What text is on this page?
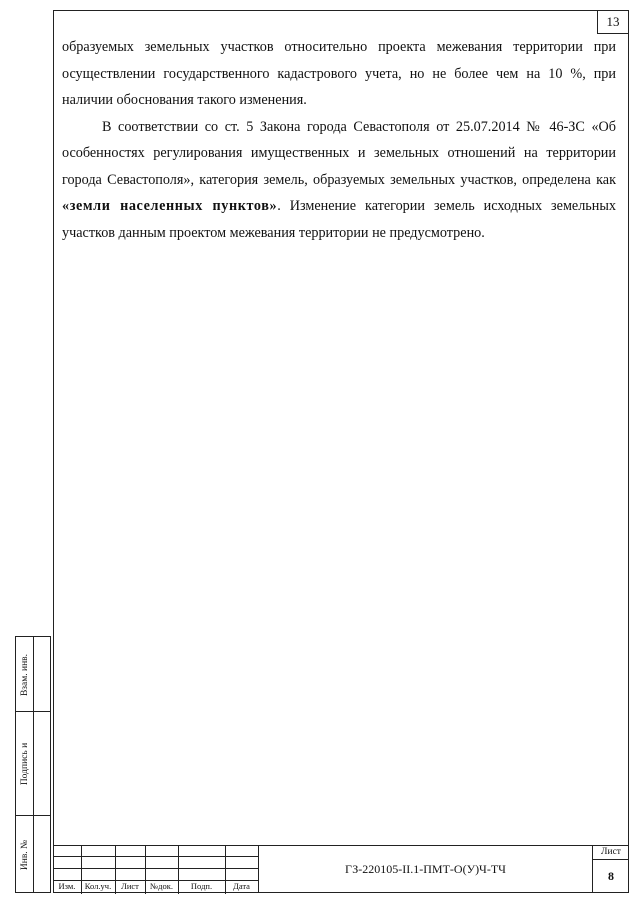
13

образуемых земельных участков относительно проекта межевания территории при осуществлении государственного кадастрового учета, но не более чем на 10 %, при наличии обоснования такого изменения.

В соответствии со ст. 5 Закона города Севастополя от 25.07.2014 № 46-ЗС «Об особенностях регулирования имущественных и земельных отношений на территории города Севастополя», категория земель, образуемых земельных участков, определена как «земли населенных пунктов». Изменение категории земель исходных земельных участков данным проектом межевания территории не предусмотрено.

Взам. инв.
Подпись и
Инв. №
Изм.	Кол.уч.	Лист	№док.	Подп.	Дата
ГЗ-220105-II.1-ПМТ-О(У)Ч-ТЧ
Лист
8
